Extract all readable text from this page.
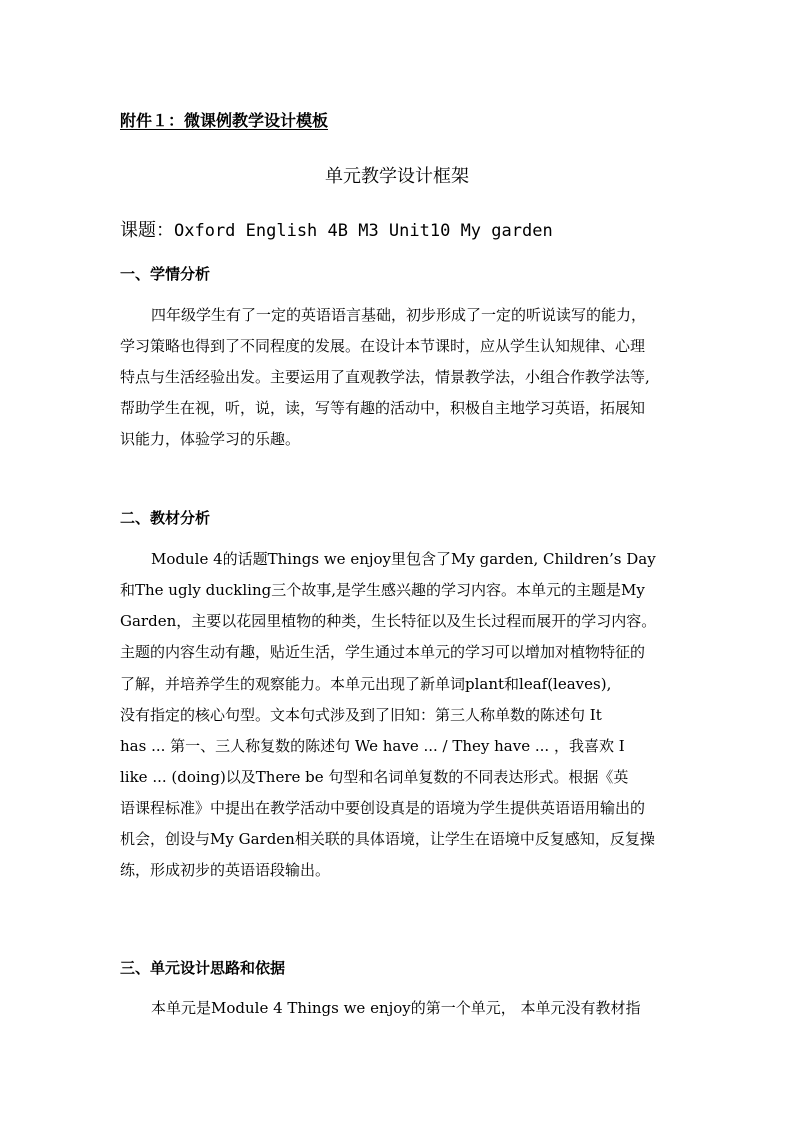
附件１：微课例教学设计模板
单元教学设计框架
课题：Oxford English 4B M3 Unit10 My garden
一、学情分析
四年级学生有了一定的英语语言基础，初步形成了一定的听说读写的能力，
学习策略也得到了不同程度的发展。在设计本节课时，应从学生认知规律、心理
特点与生活经验出发。主要运用了直观教学法，情景教学法，小组合作教学法等,
帮助学生在视，听，说，读，写等有趣的活动中，积极自主地学习英语，拓展知
识能力，体验学习的乐趣。
二、教材分析
Module 4的话题Things we enjoy里包含了My garden, Children’s Day
和The ugly duckling三个故事,是学生感兴趣的学习内容。本单元的主题是My
Garden，主要以花园里植物的种类，生长特征以及生长过程而展开的学习内容。
主题的内容生动有趣，贴近生活，学生通过本单元的学习可以增加对植物特征的
了解，并培养学生的观察能力。本单元出现了新单词plant和leaf(leaves),
没有指定的核心句型。文本句式涉及到了旧知：第三人称单数的陈述句 It
has ... 第一、三人称复数的陈述句 We have ... / They have ... ，我喜欢 I
like ... (doing)以及There be 句型和名词单复数的不同表达形式。根据《英
语课程标准》中提出在教学活动中要创设真是的语境为学生提供英语语用输出的
机会，创设与My Garden相关联的具体语境，让学生在语境中反复感知，反复操
练，形成初步的英语语段输出。
三、单元设计思路和依据
本单元是Module 4 Things we enjoy的第一个单元， 本单元没有教材指
